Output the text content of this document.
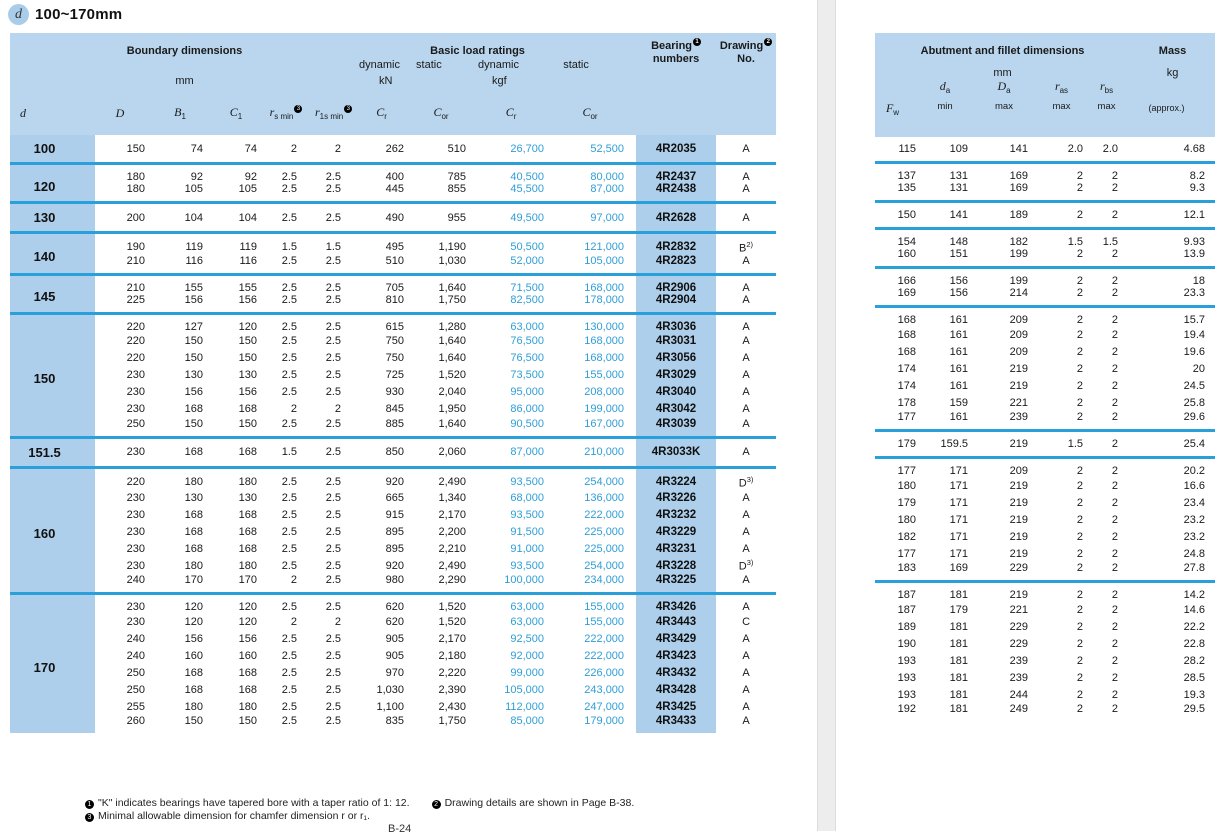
d 100~170mm
Boundary dimensions						Basic load ratings				Bearing 1
numbers	Drawing 2
No.
						dynamic	static	dynamic	static		
mm						kN		kgf			
d	D	$B_1$	$C_1$	$r_{s min}3$	$r_{1s min}3$	$C_r$	$C_{or}$	$C_r$	$C_{or}$		
100	150	74	74	2	2	262	510	26,700	52,500	4R2035	A
120	180	92	92	2.5	2.5	400	785	40,500	80,000	4R2437	A
	180	105	105	2.5	2.5	445	855	45,500	87,000	4R2438	A
130	200	104	104	2.5	2.5	490	955	49,500	97,000	4R2628	A
140	190	119	119	1.5	1.5	495	1,190	50,500	121,000	4R2832	$B^{2)}$
	210	116	116	2.5	2.5	510	1,030	52,000	105,000	4R2823	A
145	210	155	155	2.5	2.5	705	1,640	71,500	168,000	4R2906	A
	225	156	156	2.5	2.5	810	1,750	82,500	178,000	4R2904	A
150	220	127	120	2.5	2.5	615	1,280	63,000	130,000	4R3036	A
	220	150	150	2.5	2.5	750	1,640	76,500	168,000	4R3031	A
	220	150	150	2.5	2.5	750	1,640	76,500	168,000	4R3056	A
	230	130	130	2.5	2.5	725	1,520	73,500	155,000	4R3029	A
	230	156	156	2.5	2.5	930	2,040	95,000	208,000	4R3040	A
	230	168	168	2	2	845	1,950	86,000	199,000	4R3042	A
	250	150	150	2.5	2.5	885	1,640	90,500	167,000	4R3039	A
151.5	230	168	168	1.5	2.5	850	2,060	87,000	210,000	4R3033K	A
160	220	180	180	2.5	2.5	920	2,490	93,500	254,000	4R3224	$D^{3)}$
	230	130	130	2.5	2.5	665	1,340	68,000	136,000	4R3226	A
	230	168	168	2.5	2.5	915	2,170	93,500	222,000	4R3232	A
	230	168	168	2.5	2.5	895	2,200	91,500	225,000	4R3229	A
	230	168	168	2.5	2.5	895	2,210	91,000	225,000	4R3231	A
	230	180	180	2.5	2.5	920	2,490	93,500	254,000	4R3228	$D^{3)}$
	240	170	170	2	2.5	980	2,290	100,000	234,000	4R3225	A
170	230	120	120	2.5	2.5	620	1,520	63,000	155,000	4R3426	A
	230	120	120	2	2	620	1,520	63,000	155,000	4R3443	C
	240	156	156	2.5	2.5	905	2,170	92,500	222,000	4R3429	A
	240	160	160	2.5	2.5	905	2,180	92,000	222,000	4R3423	A
	250	168	168	2.5	2.5	970	2,220	99,000	226,000	4R3432	A
	250	168	168	2.5	2.5	1,030	2,390	105,000	243,000	4R3428	A
	255	180	180	2.5	2.5	1,100	2,430	112,000	247,000	4R3425	A
	260	150	150	2.5	2.5	835	1,750	85,000	179,000	4R3433	A
Abutment and fillet dimensions					Mass
mm					kg
	$d_a$	$D_a$	$r_{as}$	$r_{bs}$	
$F_w$	min	max	max	max	(approx.)
115	109	141	2.0	2.0	4.68
137	131	169	2	2	8.2
135	131	169	2	2	9.3
150	141	189	2	2	12.1
154	148	182	1.5	1.5	9.93
160	151	199	2	2	13.9
166	156	199	2	2	18
169	156	214	2	2	23.3
168	161	209	2	2	15.7
168	161	209	2	2	19.4
168	161	209	2	2	19.6
174	161	219	2	2	20
174	161	219	2	2	24.5
178	159	221	2	2	25.8
177	161	239	2	2	29.6
179	159.5	219	1.5	2	25.4
177	171	209	2	2	20.2
180	171	219	2	2	16.6
179	171	219	2	2	23.4
180	171	219	2	2	23.2
182	171	219	2	2	23.2
177	171	219	2	2	24.8
183	169	229	2	2	27.8
187	181	219	2	2	14.2
187	179	221	2	2	14.6
189	181	229	2	2	22.2
190	181	229	2	2	22.8
193	181	239	2	2	28.2
193	181	239	2	2	28.5
193	181	244	2	2	19.3
192	181	249	2	2	29.5
1 "K" indicates bearings have tapered bore with a taper ratio of 1: 12.	2 Drawing details are shown in Page B-38.
3 Minimal allowable dimension for chamfer dimension r or r₁.
B-24
